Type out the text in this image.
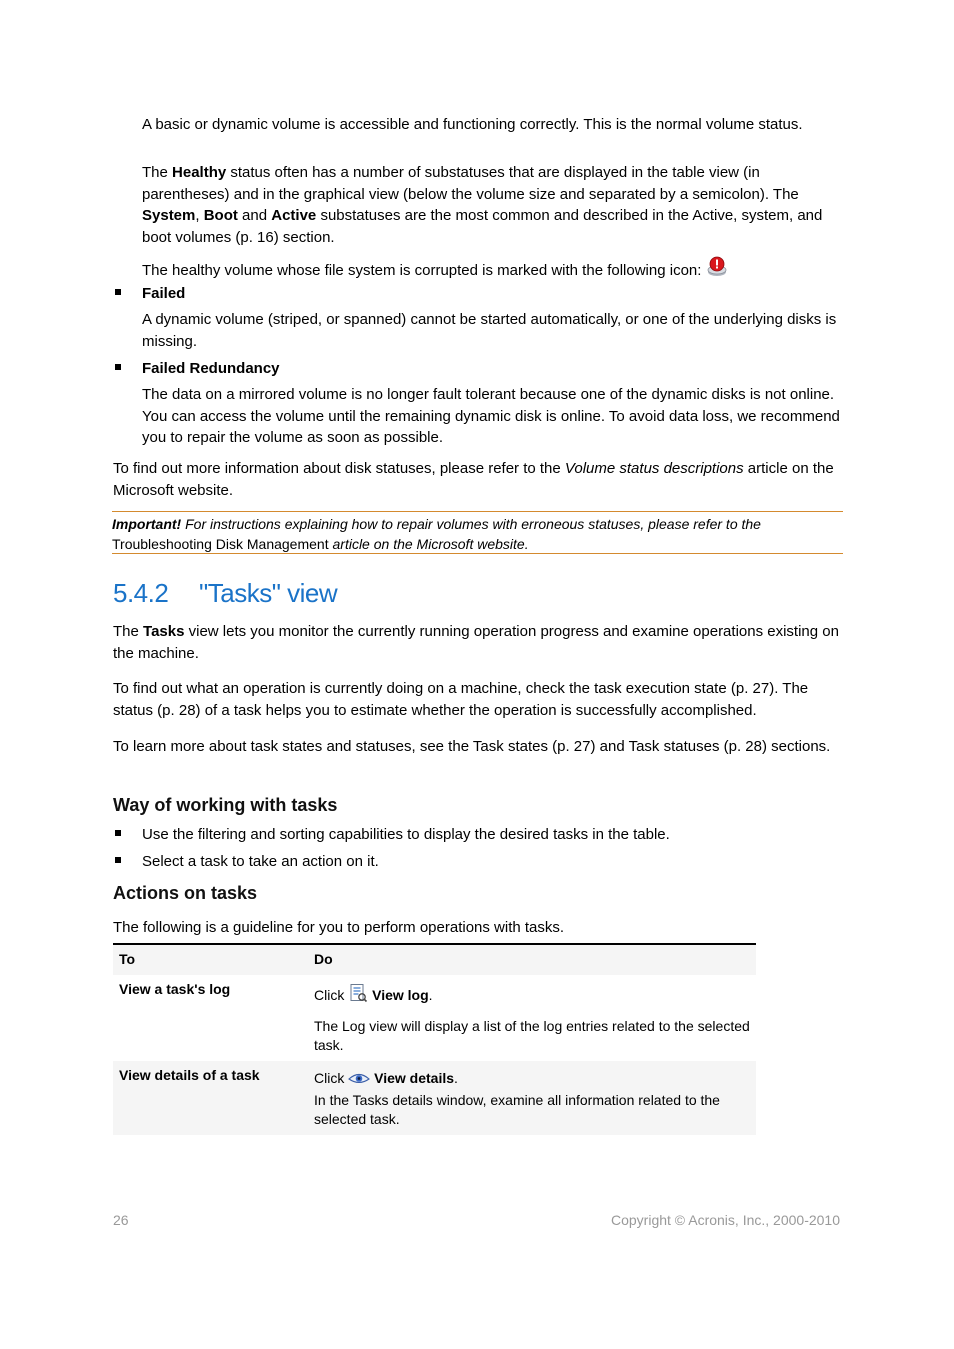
A basic or dynamic volume is accessible and functioning correctly. This is the normal volume status.

The Healthy status often has a number of substatuses that are displayed in the table view (in parentheses) and in the graphical view (below the volume size and separated by a semicolon). The System, Boot and Active substatuses are the most common and described in the Active, system, and boot volumes (p. 16) section.

The healthy volume whose file system is corrupted is marked with the following icon:

Failed

A dynamic volume (striped, or spanned) cannot be started automatically, or one of the underlying disks is missing.

Failed Redundancy

The data on a mirrored volume is no longer fault tolerant because one of the dynamic disks is not online. You can access the volume until the remaining dynamic disk is online. To avoid data loss, we recommend you to repair the volume as soon as possible.

To find out more information about disk statuses, please refer to the Volume status descriptions article on the Microsoft website.

Important! For instructions explaining how to repair volumes with erroneous statuses, please refer to the Troubleshooting Disk Management article on the Microsoft website.
5.4.2 "Tasks" view

The Tasks view lets you monitor the currently running operation progress and examine operations existing on the machine.

To find out what an operation is currently doing on a machine, check the task execution state (p. 27). The status (p. 28) of a task helps you to estimate whether the operation is successfully accomplished.

To learn more about task states and statuses, see the Task states (p. 27) and Task statuses (p. 28) sections.

Way of working with tasks

Use the filtering and sorting capabilities to display the desired tasks in the table.

Select a task to take an action on it.

Actions on tasks

The following is a guideline for you to perform operations with tasks.

To	Do
View a task's log	Click  View log.

The Log view will display a list of the log entries related to the selected task.

View details of a task	Click  View details.

In the Tasks details window, examine all information related to the selected task.

26	Copyright © Acronis, Inc., 2000-2010
